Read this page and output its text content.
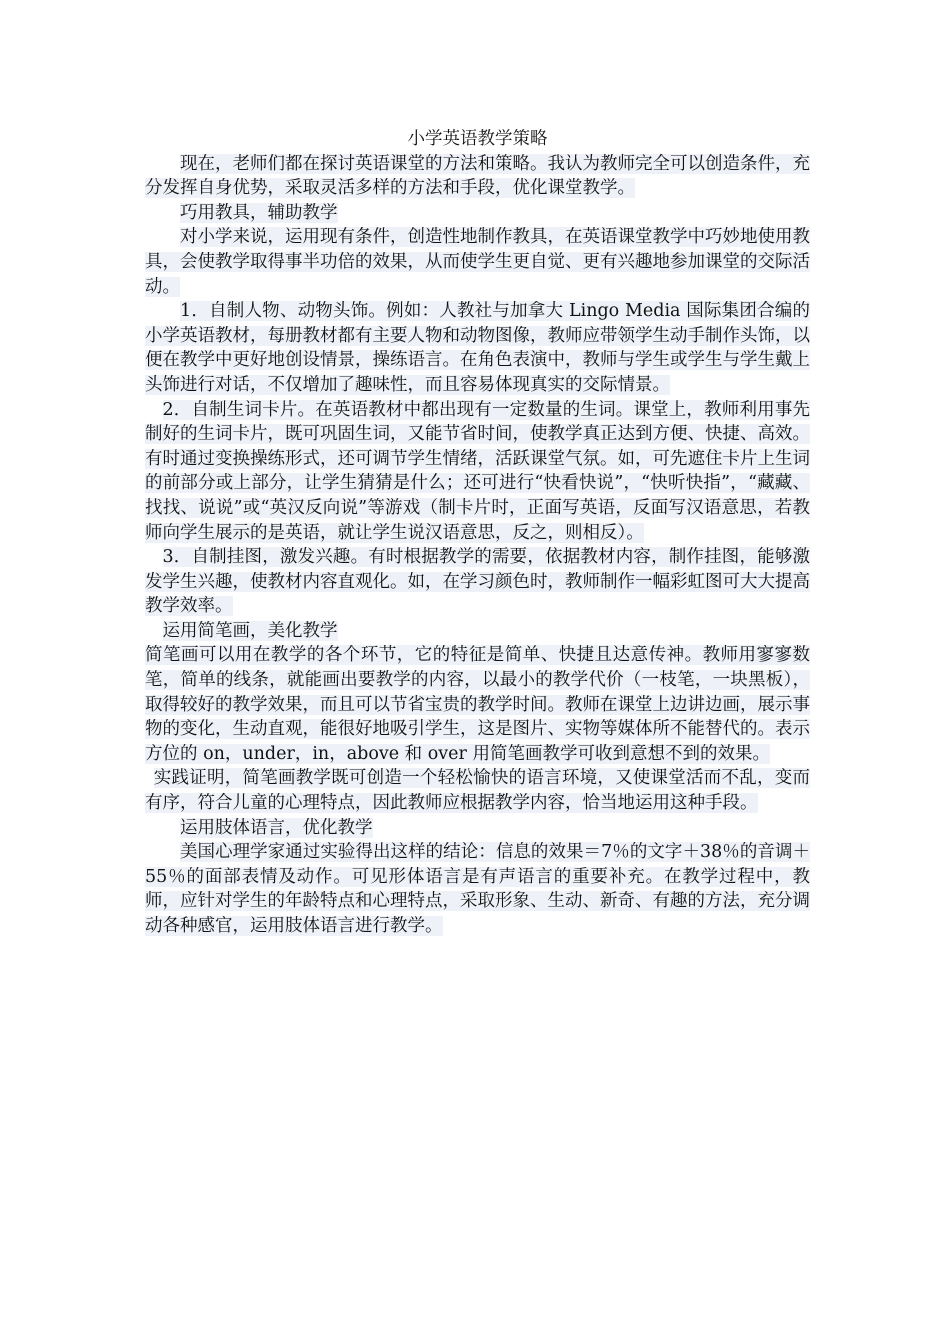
小学英语教学策略

现在，老师们都在探讨英语课堂的方法和策略。我认为教师完全可以创造条件，充分发挥自身优势，采取灵活多样的方法和手段，优化课堂教学。

巧用教具，辅助教学

对小学来说，运用现有条件，创造性地制作教具，在英语课堂教学中巧妙地使用教具，会使教学取得事半功倍的效果，从而使学生更自觉、更有兴趣地参加课堂的交际活动。

1．自制人物、动物头饰。例如：人教社与加拿大 Lingo Media 国际集团合编的小学英语教材，每册教材都有主要人物和动物图像，教师应带领学生动手制作头饰，以便在教学中更好地创设情景，操练语言。在角色表演中，教师与学生或学生与学生戴上头饰进行对话，不仅增加了趣味性，而且容易体现真实的交际情景。

2．自制生词卡片。在英语教材中都出现有一定数量的生词。课堂上，教师利用事先制好的生词卡片，既可巩固生词，又能节省时间，使教学真正达到方便、快捷、高效。有时通过变换操练形式，还可调节学生情绪，活跃课堂气氛。如，可先遮住卡片上生词的前部分或上部分，让学生猜猜是什么；还可进行“快看快说”，“快听快指”，“藏藏、找找、说说”或“英汉反向说”等游戏（制卡片时，正面写英语，反面写汉语意思，若教师向学生展示的是英语，就让学生说汉语意思，反之，则相反）。

3．自制挂图，激发兴趣。有时根据教学的需要，依据教材内容，制作挂图，能够激发学生兴趣，使教材内容直观化。如，在学习颜色时，教师制作一幅彩虹图可大大提高教学效率。

运用简笔画，美化教学

简笔画可以用在教学的各个环节，它的特征是简单、快捷且达意传神。教师用寥寥数笔，简单的线条，就能画出要教学的内容，以最小的教学代价（一枝笔，一块黑板），取得较好的教学效果，而且可以节省宝贵的教学时间。教师在课堂上边讲边画，展示事物的变化，生动直观，能很好地吸引学生，这是图片、实物等媒体所不能替代的。表示方位的 on，under，in，above 和 over 用简笔画教学可收到意想不到的效果。

实践证明，简笔画教学既可创造一个轻松愉快的语言环境，又使课堂活而不乱，变而有序，符合儿童的心理特点，因此教师应根据教学内容，恰当地运用这种手段。

运用肢体语言，优化教学

美国心理学家通过实验得出这样的结论：信息的效果＝7％的文字＋38％的音调＋55％的面部表情及动作。可见形体语言是有声语言的重要补充。在教学过程中，教师，应针对学生的年龄特点和心理特点，采取形象、生动、新奇、有趣的方法，充分调动各种感官，运用肢体语言进行教学。
